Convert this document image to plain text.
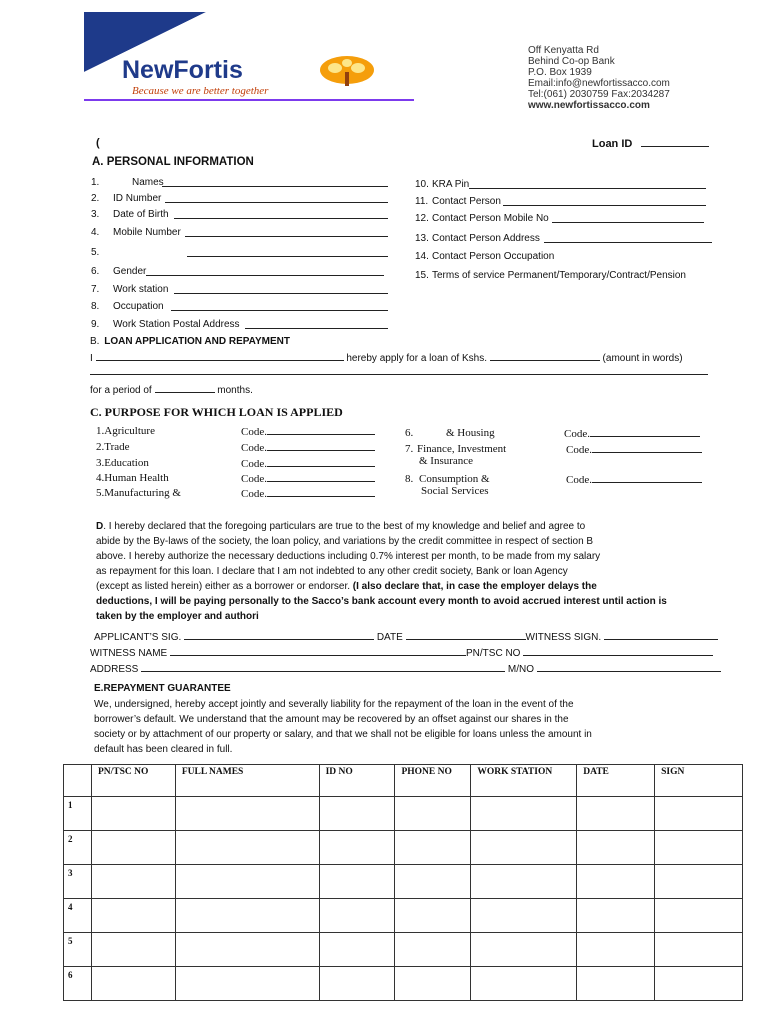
NewFortis
Because we are better together
Off Kenyatta Rd
Behind Co-op Bank
P.O. Box 1939
Email:info@newfortissacco.com
Tel:(061) 2030759 Fax:2034287
www.newfortissacco.com
(	Loan ID
A. PERSONAL INFORMATION
1.	Names
2. ID Number
3. Date of Birth
4. Mobile Number
5.
6. Gender
7. Work station
8. Occupation
9. Work Station Postal Address
10. KRA Pin
11. Contact Person
12. Contact Person Mobile No
13. Contact Person Address
14. Contact Person Occupation
15. Terms of service Permanent/Temporary/Contract/Pension
B. LOAN APPLICATION AND REPAYMENT
I	hereby apply for a loan of Kshs.	(amount in words)
for a period of	months.
C. PURPOSE FOR WHICH LOAN IS APPLIED
1.Agriculture	Code.
2.Trade	Code.
3.Education	Code.
4.Human Health	Code.
5.Manufacturing &	Code.
6.	& Housing	Code.
7. Finance, Investment
& Insurance
Code.
8. Consumption &
Social Services
Code.
D. I hereby declared that the foregoing particulars are true to the best of my knowledge and belief and agree to
abide by the By-laws of the society, the loan policy, and variations by the credit committee in respect of section B
above. I hereby authorize the necessary deductions including 0.7% interest per month, to be made from my salary
as repayment for this loan. I declare that I am not indebted to any other credit society, Bank or loan Agency
(except as listed herein) either as a borrower or endorser. (I also declare that, in case the employer delays the
deductions, I will be paying personally to the Sacco’s bank account every month to avoid accrued interest until action is
taken by the employer and authori
APPLICANT’S SIG.	DATE	WITNESS SIGN.
WITNESS NAME	PN/TSC NO
ADDRESS	M/NO
E.REPAYMENT GUARANTEE
We, undersigned, hereby accept jointly and severally liability for the repayment of the loan in the event of the
borrower’s default. We understand that the amount may be recovered by an offset against our shares in the
society or by attachment of our property or salary, and that we shall not be eligible for loans unless the amount in
default has been cleared in full.
	PN/TSC NO	FULL NAMES	ID NO	PHONE NO	WORK STATION	DATE	SIGN
1							
2							
3							
4							
5							
6							
